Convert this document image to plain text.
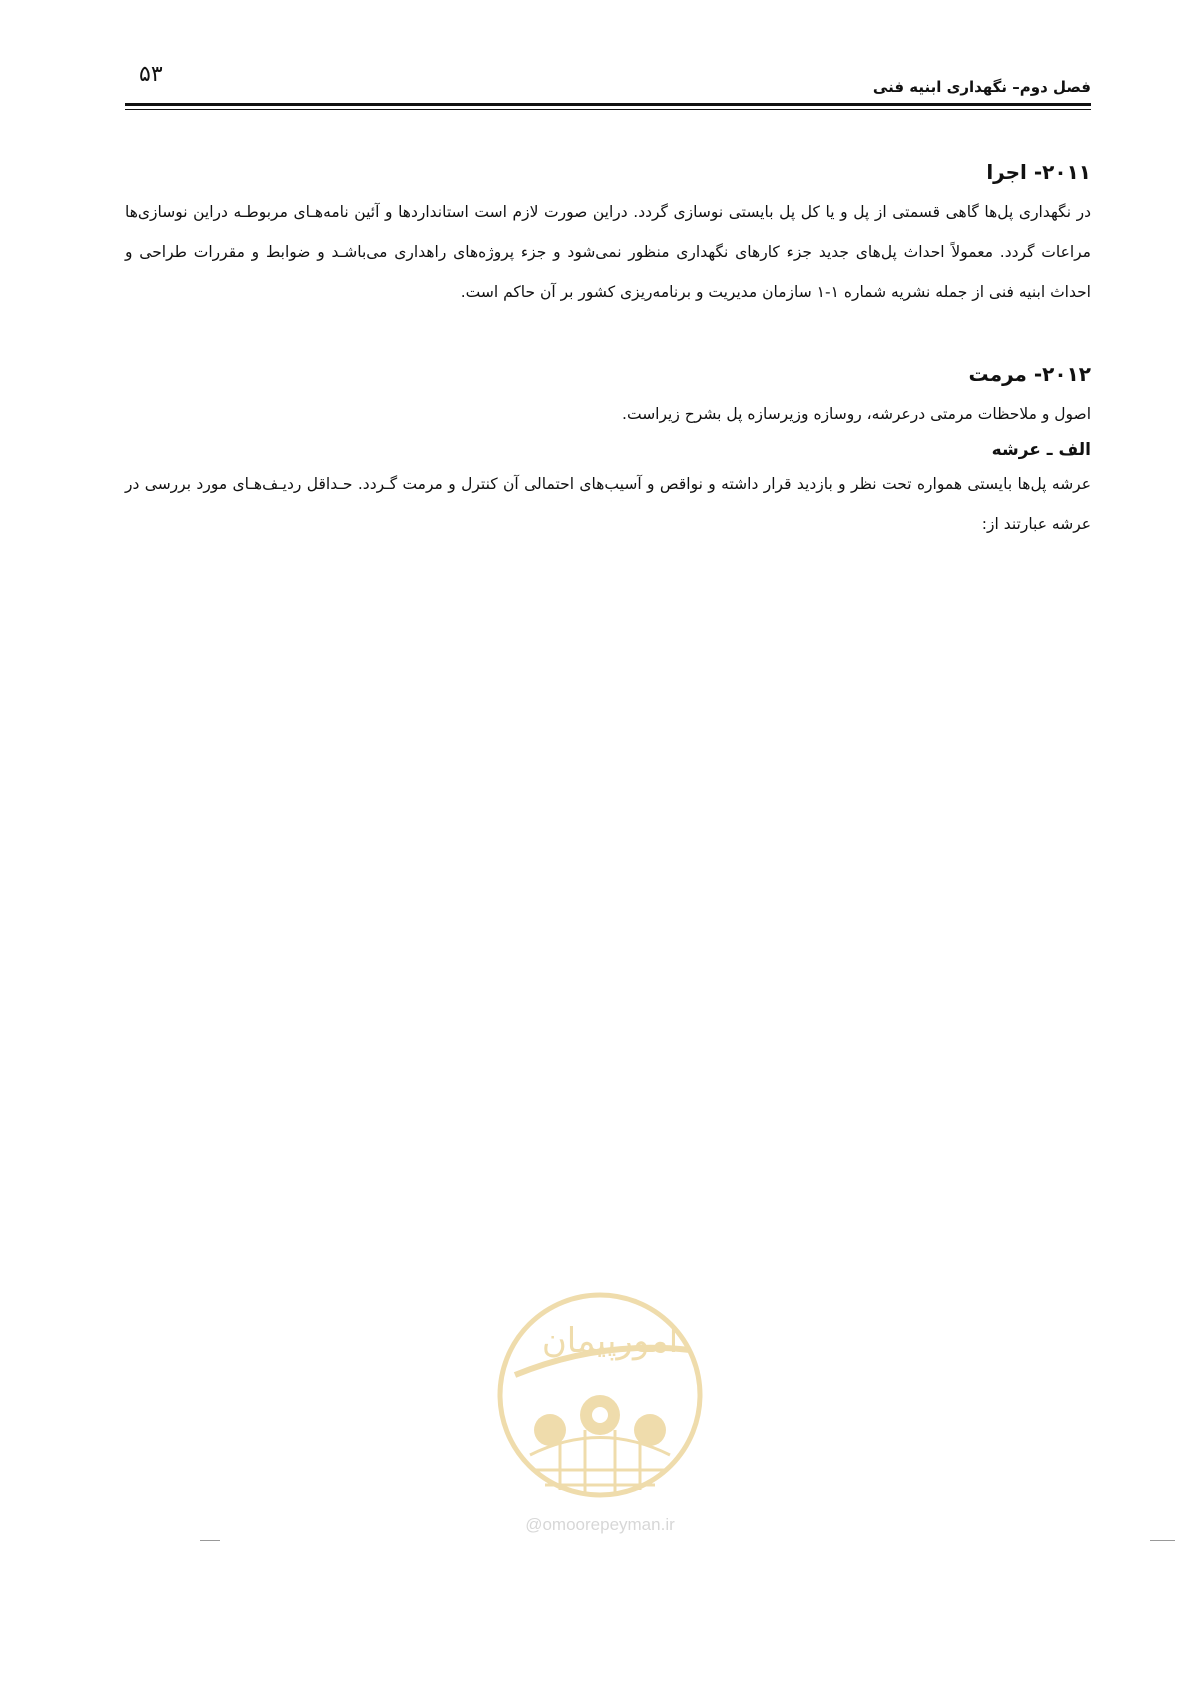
۵۳	فصل دوم– نگهداری ابنیه فنی
۲۰۱۱- اجرا

در نگهداری پل‌ها گاهی قسمتی از پل و یا کل پل بایستی نوسازی گردد. دراین صورت لازم است استانداردها و آئین نامه‌هـای مربوطـه دراین نوسازی‌ها مراعات گردد. معمولاً احداث پل‌های جدید جزء کارهای نگهداری منظور نمی‌شود و جزء پروژه‌های راهداری می‌باشـد و ضوابط و مقررات طراحی و احداث ابنیه فنی از جمله نشریه شماره ۱-۱ سازمان مدیریت و برنامه‌ریزی کشور بر آن حاکم است.

۲۰۱۲- مرمت

اصول و ملاحظات مرمتی درعرشه، روسازه وزیرسازه پل بشرح زیراست.

الف ـ عرشه

عرشه پل‌ها بایستی همواره تحت نظر و بازدید قرار داشته و نواقص و آسیب‌های احتمالی آن کنترل و مرمت گـردد. حـداقل ردیـف‌هـای مورد بررسی در عرشه عبارتند از:

امورپیمان
@omoorepeyman.ir
